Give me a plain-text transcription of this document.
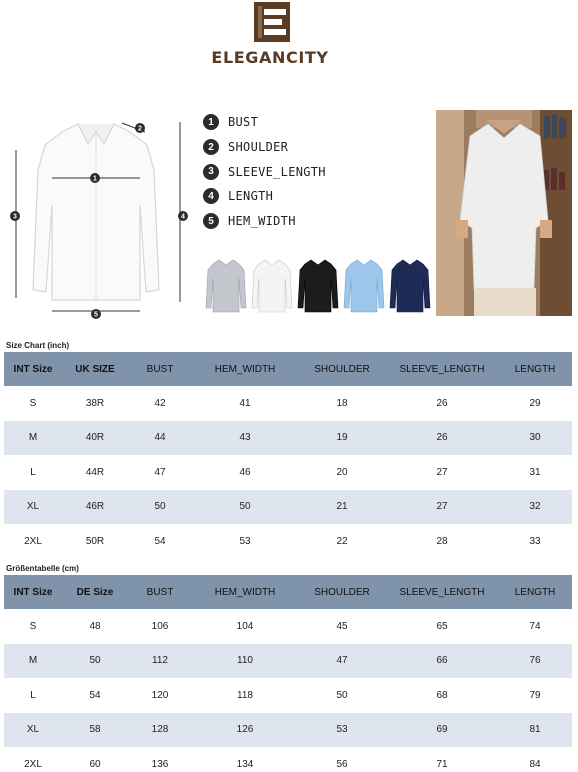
ELEGANCITY
1
2
3	4
5
1	BUST
2	SHOULDER
3	SLEEVE_LENGTH
4	LENGTH
5	HEM_WIDTH
Size Chart (inch)
INT Size	UK SIZE	BUST	HEM_WIDTH	SHOULDER	SLEEVE_LENGTH	LENGTH
S	38R	42	41	18	26	29
M	40R	44	43	19	26	30
L	44R	47	46	20	27	31
XL	46R	50	50	21	27	32
2XL	50R	54	53	22	28	33
Größentabelle (cm)
INT Size	DE Size	BUST	HEM_WIDTH	SHOULDER	SLEEVE_LENGTH	LENGTH
S	48	106	104	45	65	74
M	50	112	110	47	66	76
L	54	120	118	50	68	79
XL	58	128	126	53	69	81
2XL	60	136	134	56	71	84
